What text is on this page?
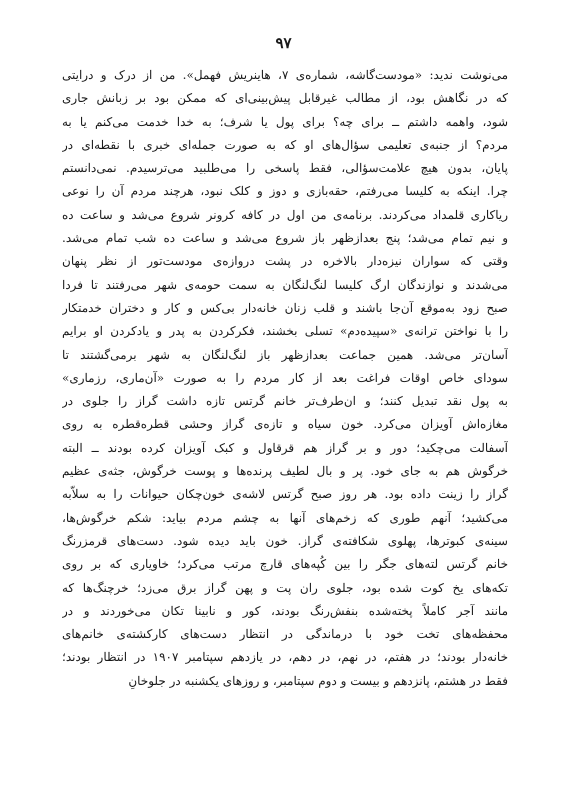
۹۷
می‌نوشت ندید: «مودست‌گاشه، شماره‌ی ۷، هاینریش فهمل». من از درک و درایتی
که در نگاهش بود، از مطالب غیرقابل پیش‌بینی‌ای که ممکن بود بر زبانش جاری
شود، واهمه داشتم ــ برای چه؟ برای پول یا شرف؛ به خدا خدمت می‌کنم یا به
مردم؟ از جنبه‌ی تعلیمی سؤال‌های او که به صورت جمله‌ای خبری با نقطه‌ای در
پایان، بدون هیچ علامت‌سؤالی، فقط پاسخی را می‌طلبید می‌ترسیدم. نمی‌دانستم
چرا. اینکه به کلیسا می‌رفتم، حقه‌بازی و دوز و کلک نبود، هرچند مردم آن را نوعی
ریاکاری قلمداد می‌کردند. برنامه‌ی من اول در کافه کرونر شروع می‌شد و ساعت ده
و نیم تمام می‌شد؛ پنج بعدازظهر باز شروع می‌شد و ساعت ده شب تمام می‌شد.
وقتی که سواران نیزه‌دار بالاخره در پشت دروازه‌ی مودست‌تور از نظر پنهان
می‌شدند و نوازندگان ارگ کلیسا لنگ‌لنگان به سمت حومه‌ی شهر می‌رفتند تا فردا
صبح زود به‌موقع آن‌جا باشند و قلب زنان خانه‌دار بی‌کس و کار و دختران خدمتکار
را با نواختن ترانه‌ی «سپیده‌دم» تسلی بخشند، فکرکردن به پدر و یادکردن او برایم
آسان‌تر می‌شد. همین جماعت بعدازظهر باز لنگ‌لنگان به شهر برمی‌گشتند تا
سودای خاص اوقات فراغت بعد از کار مردم را به صورت «آن‌ماری، رزماری»
به پول نقد تبدیل کنند؛ و ان‌طرف‌تر خانم گرتس تازه داشت گراز را جلوی در
مغازه‌اش آویزان می‌کرد. خون سیاه و تازه‌ی گراز وحشی قطره‌قطره به روی
آسفالت می‌چکید؛ دور و بر گراز هم قرقاول و کبک آویزان کرده بودند ــ البته
خرگوش هم به جای خود. پر و بال لطیف پرنده‌ها و پوست خرگوش، جثه‌ی عظیم
گراز را زینت داده بود. هر روز صبح گرتس لاشه‌ی خون‌چکان حیوانات را به سلاّبه
می‌کشید؛ آنهم طوری که زخم‌های آنها به چشم مردم بیاید: شکم خرگوش‌ها،
سینه‌ی کبوترها، پهلوی شکافته‌ی گراز. خون باید دیده شود. دست‌های قرمزرنگ
خانم گرتس لته‌های جگر را بین کُپه‌های قارچ مرتب می‌کرد؛ خاویاری که بر روی
تکه‌های یخ کوت شده بود، جلوی ران پت و پهن گراز برق می‌زد؛ خرچنگ‌ها که
مانند آجر کاملاً پخته‌شده بنفش‌رنگ بودند، کور و نابینا تکان می‌خوردند و در
محفظه‌های تخت خود با درماندگی در انتظار دست‌های کارکشته‌ی خانم‌های
خانه‌دار بودند؛ در هفتم، در نهم، در دهم، در یازدهم سپتامبر ۱۹۰۷ در انتظار بودند؛
فقط در هشتم، پانزدهم و بیست و دوم سپتامبر، و روزهای یکشنبه در جلوخانِ
